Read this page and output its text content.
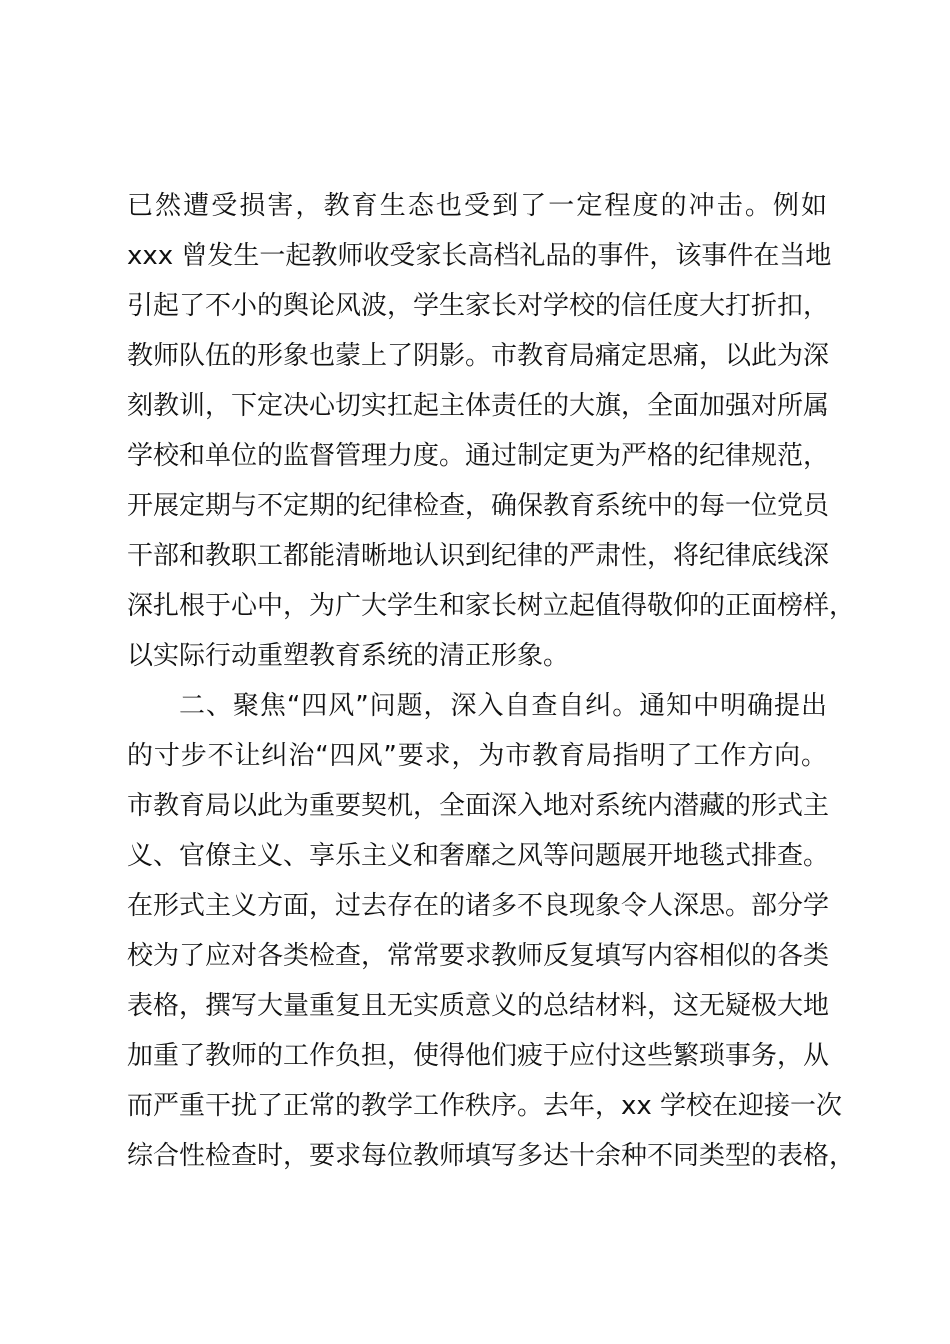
已然遭受损害，教育生态也受到了一定程度的冲击。例如
xxx 曾发生一起教师收受家长高档礼品的事件，该事件在当地
引起了不小的舆论风波，学生家长对学校的信任度大打折扣，
教师队伍的形象也蒙上了阴影。市教育局痛定思痛，以此为深
刻教训，下定决心切实扛起主体责任的大旗，全面加强对所属
学校和单位的监督管理力度。通过制定更为严格的纪律规范，
开展定期与不定期的纪律检查，确保教育系统中的每一位党员
干部和教职工都能清晰地认识到纪律的严肃性，将纪律底线深
深扎根于心中，为广大学生和家长树立起值得敬仰的正面榜样，
以实际行动重塑教育系统的清正形象。
二、聚焦“四风”问题，深入自查自纠。通知中明确提出
的寸步不让纠治“四风”要求，为市教育局指明了工作方向。
市教育局以此为重要契机，全面深入地对系统内潜藏的形式主
义、官僚主义、享乐主义和奢靡之风等问题展开地毯式排查。
在形式主义方面，过去存在的诸多不良现象令人深思。部分学
校为了应对各类检查，常常要求教师反复填写内容相似的各类
表格，撰写大量重复且无实质意义的总结材料，这无疑极大地
加重了教师的工作负担，使得他们疲于应付这些繁琐事务，从
而严重干扰了正常的教学工作秩序。去年，xx 学校在迎接一次
综合性检查时，要求每位教师填写多达十余种不同类型的表格，
